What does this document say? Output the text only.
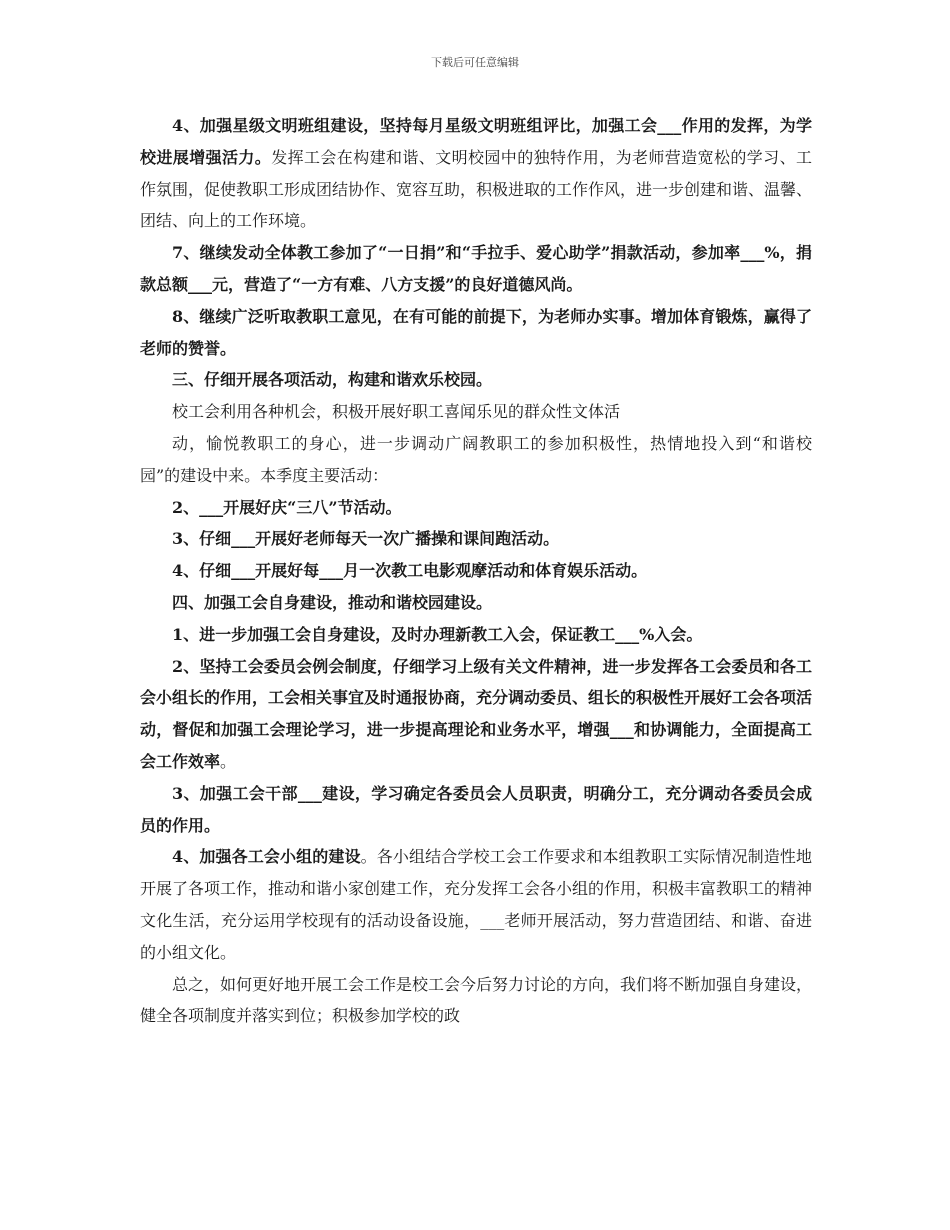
下载后可任意编辑

4、加强星级文明班组建设，坚持每月星级文明班组评比，加强工会___作用的发挥，为学校进展增强活力。发挥工会在构建和谐、文明校园中的独特作用，为老师营造宽松的学习、工作氛围，促使教职工形成团结协作、宽容互助，积极进取的工作作风，进一步创建和谐、温馨、团结、向上的工作环境。

7、继续发动全体教工参加了“一日捐”和“手拉手、爱心助学”捐款活动，参加率___%，捐款总额___元，营造了“一方有难、八方支援”的良好道德风尚。

8、继续广泛听取教职工意见，在有可能的前提下，为老师办实事。增加体育锻炼，赢得了老师的赞誉。

三、仔细开展各项活动，构建和谐欢乐校园。

校工会利用各种机会，积极开展好职工喜闻乐见的群众性文体活

动，愉悦教职工的身心，进一步调动广阔教职工的参加积极性，热情地投入到“和谐校园”的建设中来。本季度主要活动：

2、___开展好庆“三八”节活动。

3、仔细___开展好老师每天一次广播操和课间跑活动。

4、仔细___开展好每___月一次教工电影观摩活动和体育娱乐活动。

四、加强工会自身建设，推动和谐校园建设。

1、进一步加强工会自身建设，及时办理新教工入会，保证教工___%入会。

2、坚持工会委员会例会制度，仔细学习上级有关文件精神，进一步发挥各工会委员和各工会小组长的作用，工会相关事宜及时通报协商，充分调动委员、组长的积极性开展好工会各项活动，督促和加强工会理论学习，进一步提高理论和业务水平，增强___和协调能力，全面提高工会工作效率。

3、加强工会干部___建设，学习确定各委员会人员职责，明确分工，充分调动各委员会成员的作用。

4、加强各工会小组的建设。各小组结合学校工会工作要求和本组教职工实际情况制造性地开展了各项工作，推动和谐小家创建工作，充分发挥工会各小组的作用，积极丰富教职工的精神文化生活，充分运用学校现有的活动设备设施，___老师开展活动，努力营造团结、和谐、奋进的小组文化。

总之，如何更好地开展工会工作是校工会今后努力讨论的方向，我们将不断加强自身建设，健全各项制度并落实到位；积极参加学校的政
